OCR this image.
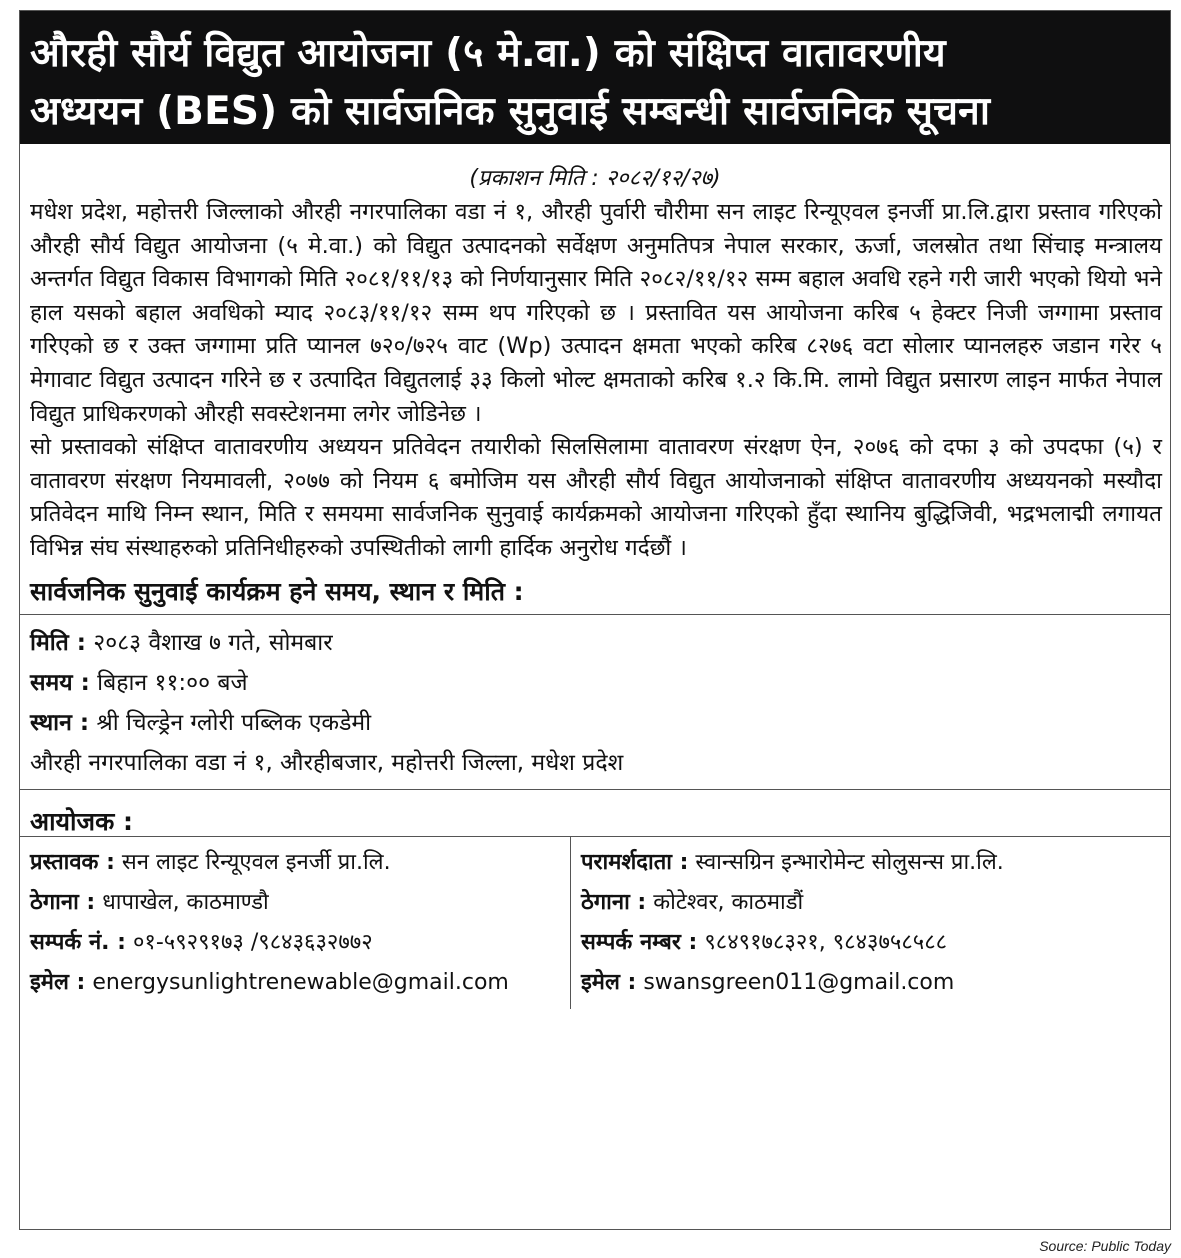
औरही सौर्य विद्युत आयोजना (५ मे.वा.) को संक्षिप्त वातावरणीय
अध्ययन (BES) को सार्वजनिक सुनुवाई सम्बन्धी सार्वजनिक सूचना
(प्रकाशन मिति : २०८२/१२/२७)

मधेश प्रदेश, महोत्तरी जिल्लाको औरही नगरपालिका वडा नं १, औरही पुर्वारी चौरीमा सन लाइट रिन्यूएवल इनर्जी प्रा.लि.द्वारा प्रस्ताव गरिएको औरही सौर्य विद्युत आयोजना (५ मे.वा.) को विद्युत उत्पादनको सर्वेक्षण अनुमतिपत्र नेपाल सरकार, ऊर्जा, जलस्रोत तथा सिंचाइ मन्त्रालय अन्तर्गत विद्युत विकास विभागको मिति २०८१/११/१३ को निर्णयानुसार मिति २०८२/११/१२ सम्म बहाल अवधि रहने गरी जारी भएको थियो भने हाल यसको बहाल अवधिको म्याद २०८३/११/१२ सम्म थप गरिएको छ । प्रस्तावित यस आयोजना करिब ५ हेक्टर निजी जग्गामा प्रस्ताव गरिएको छ र उक्त जग्गामा प्रति प्यानल ७२०/७२५ वाट (Wp) उत्पादन क्षमता भएको करिब ८२७६ वटा सोलार प्यानलहरु जडान गरेर ५ मेगावाट विद्युत उत्पादन गरिने छ र उत्पादित विद्युतलाई ३३ किलो भोल्ट क्षमताको करिब १.२ कि.मि. लामो विद्युत प्रसारण लाइन मार्फत नेपाल विद्युत प्राधिकरणको औरही सवस्टेशनमा लगेर जोडिनेछ ।

सो प्रस्तावको संक्षिप्त वातावरणीय अध्ययन प्रतिवेदन तयारीको सिलसिलामा वातावरण संरक्षण ऐन, २०७६ को दफा ३ को उपदफा (५) र वातावरण संरक्षण नियमावली, २०७७ को नियम ६ बमोजिम यस औरही सौर्य विद्युत आयोजनाको संक्षिप्त वातावरणीय अध्ययनको मस्यौदा प्रतिवेदन माथि निम्न स्थान, मिति र समयमा सार्वजनिक सुनुवाई कार्यक्रमको आयोजना गरिएको हुँदा स्थानिय बुद्धिजिवी, भद्रभलाद्मी लगायत विभिन्न संघ संस्थाहरुको प्रतिनिधीहरुको उपस्थितीको लागी हार्दिक अनुरोध गर्दछौं ।

सार्वजनिक सुनुवाई कार्यक्रम हने समय, स्थान र मिति :
मिति : २०८३ वैशाख ७ गते, सोमबार
समय : बिहान ११:०० बजे
स्थान : श्री चिल्ड्रेन ग्लोरी पब्लिक एकडेमी
औरही नगरपालिका वडा नं १, औरहीबजार, महोत्तरी जिल्ला, मधेश प्रदेश
आयोजक :
प्रस्तावक : सन लाइट रिन्यूएवल इनर्जी प्रा.लि.
ठेगाना : धापाखेल, काठमाण्डौ
सम्पर्क नं. : ०१-५९२९१७३ /९८४३६३२७७२
इमेल : energysunlightrenewable@gmail.com
परामर्शदाता : स्वान्सग्रिन इन्भारोमेन्ट सोलुसन्स प्रा.लि.
ठेगाना : कोटेश्वर, काठमाडौं
सम्पर्क नम्बर : ९८४९१७८३२१, ९८४३७५८५८८
इमेल : swansgreen011@gmail.com
Source: Public Today
